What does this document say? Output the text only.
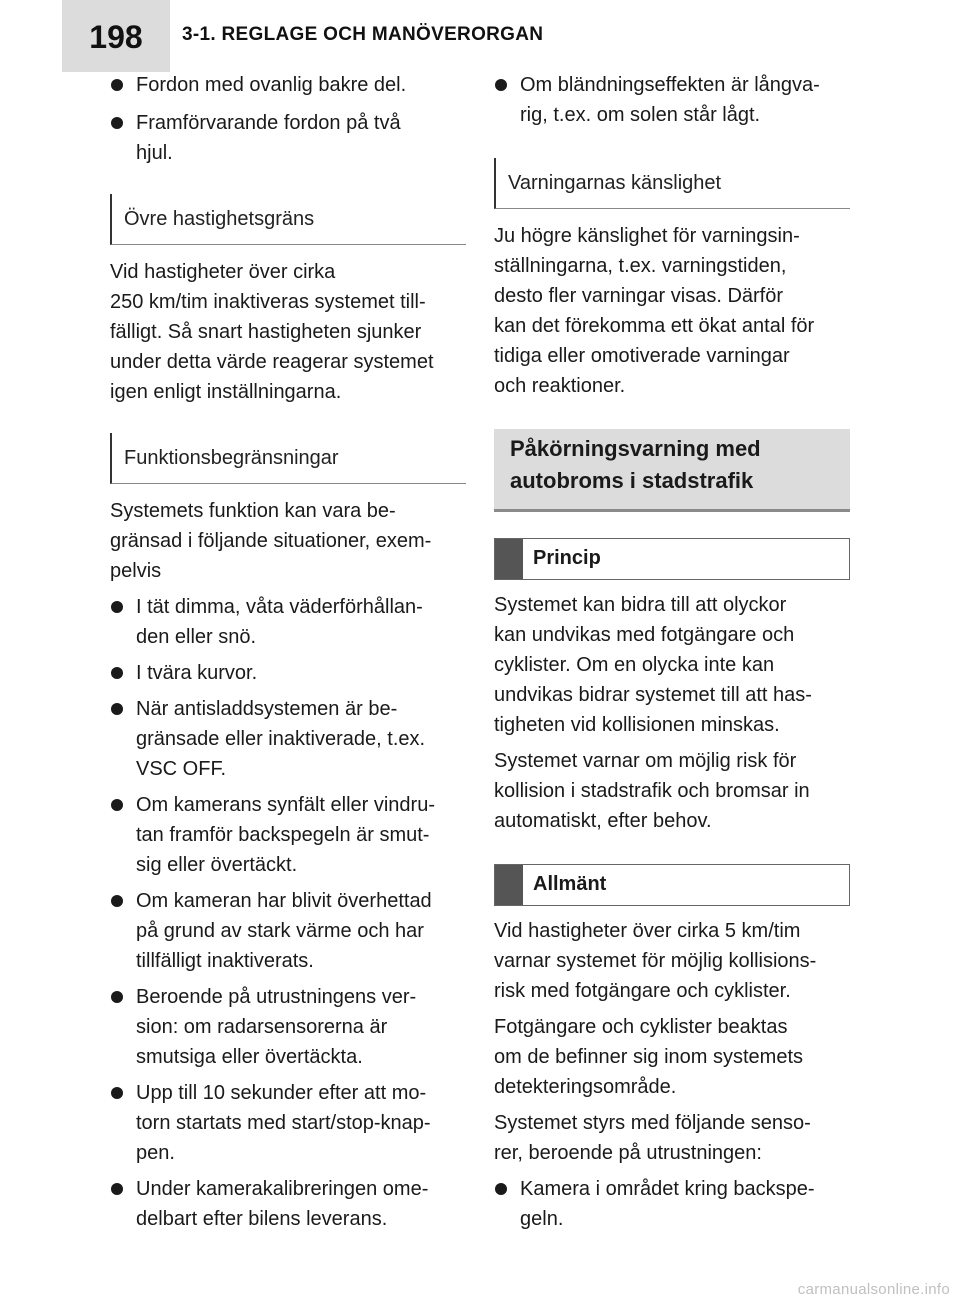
198 3-1. REGLAGE OCH MANÖVERORGAN
Fordon med ovanlig bakre del.
Framförvarande fordon på två
hjul.
Övre hastighetsgräns

Vid hastigheter över cirka
250 km/tim inaktiveras systemet till-
fälligt. Så snart hastigheten sjunker
under detta värde reagerar systemet
igen enligt inställningarna.

Funktionsbegränsningar

Systemets funktion kan vara be-
gränsad i följande situationer, exem-
pelvis

I tät dimma, våta väderförhållan-
den eller snö.
I tvära kurvor.
När antisladdsystemen är be-
gränsade eller inaktiverade, t.ex.
VSC OFF.
Om kamerans synfält eller vindru-
tan framför backspegeln är smut-
sig eller övertäckt.
Om kameran har blivit överhettad
på grund av stark värme och har
tillfälligt inaktiverats.
Beroende på utrustningens ver-
sion: om radarsensorerna är
smutsiga eller övertäckta.
Upp till 10 sekunder efter att mo-
torn startats med start/stop-knap-
pen.
Under kamerakalibreringen ome-
delbart efter bilens leverans.
Om bländningseffekten är långva-
rig, t.ex. om solen står lågt.
Varningarnas känslighet

Ju högre känslighet för varningsin-
ställningarna, t.ex. varningstiden,
desto fler varningar visas. Därför
kan det förekomma ett ökat antal för
tidiga eller omotiverade varningar
och reaktioner.

Påkörningsvarning med
autobroms i stadstrafik
Princip

Systemet kan bidra till att olyckor
kan undvikas med fotgängare och
cyklister. Om en olycka inte kan
undvikas bidrar systemet till att has-
tigheten vid kollisionen minskas.

Systemet varnar om möjlig risk för
kollision i stadstrafik och bromsar in
automatiskt, efter behov.

Allmänt

Vid hastigheter över cirka 5 km/tim
varnar systemet för möjlig kollisions-
risk med fotgängare och cyklister.

Fotgängare och cyklister beaktas
om de befinner sig inom systemets
detekteringsområde.

Systemet styrs med följande senso-
rer, beroende på utrustningen:

Kamera i området kring backspe-
geln.
carmanualsonline.info
